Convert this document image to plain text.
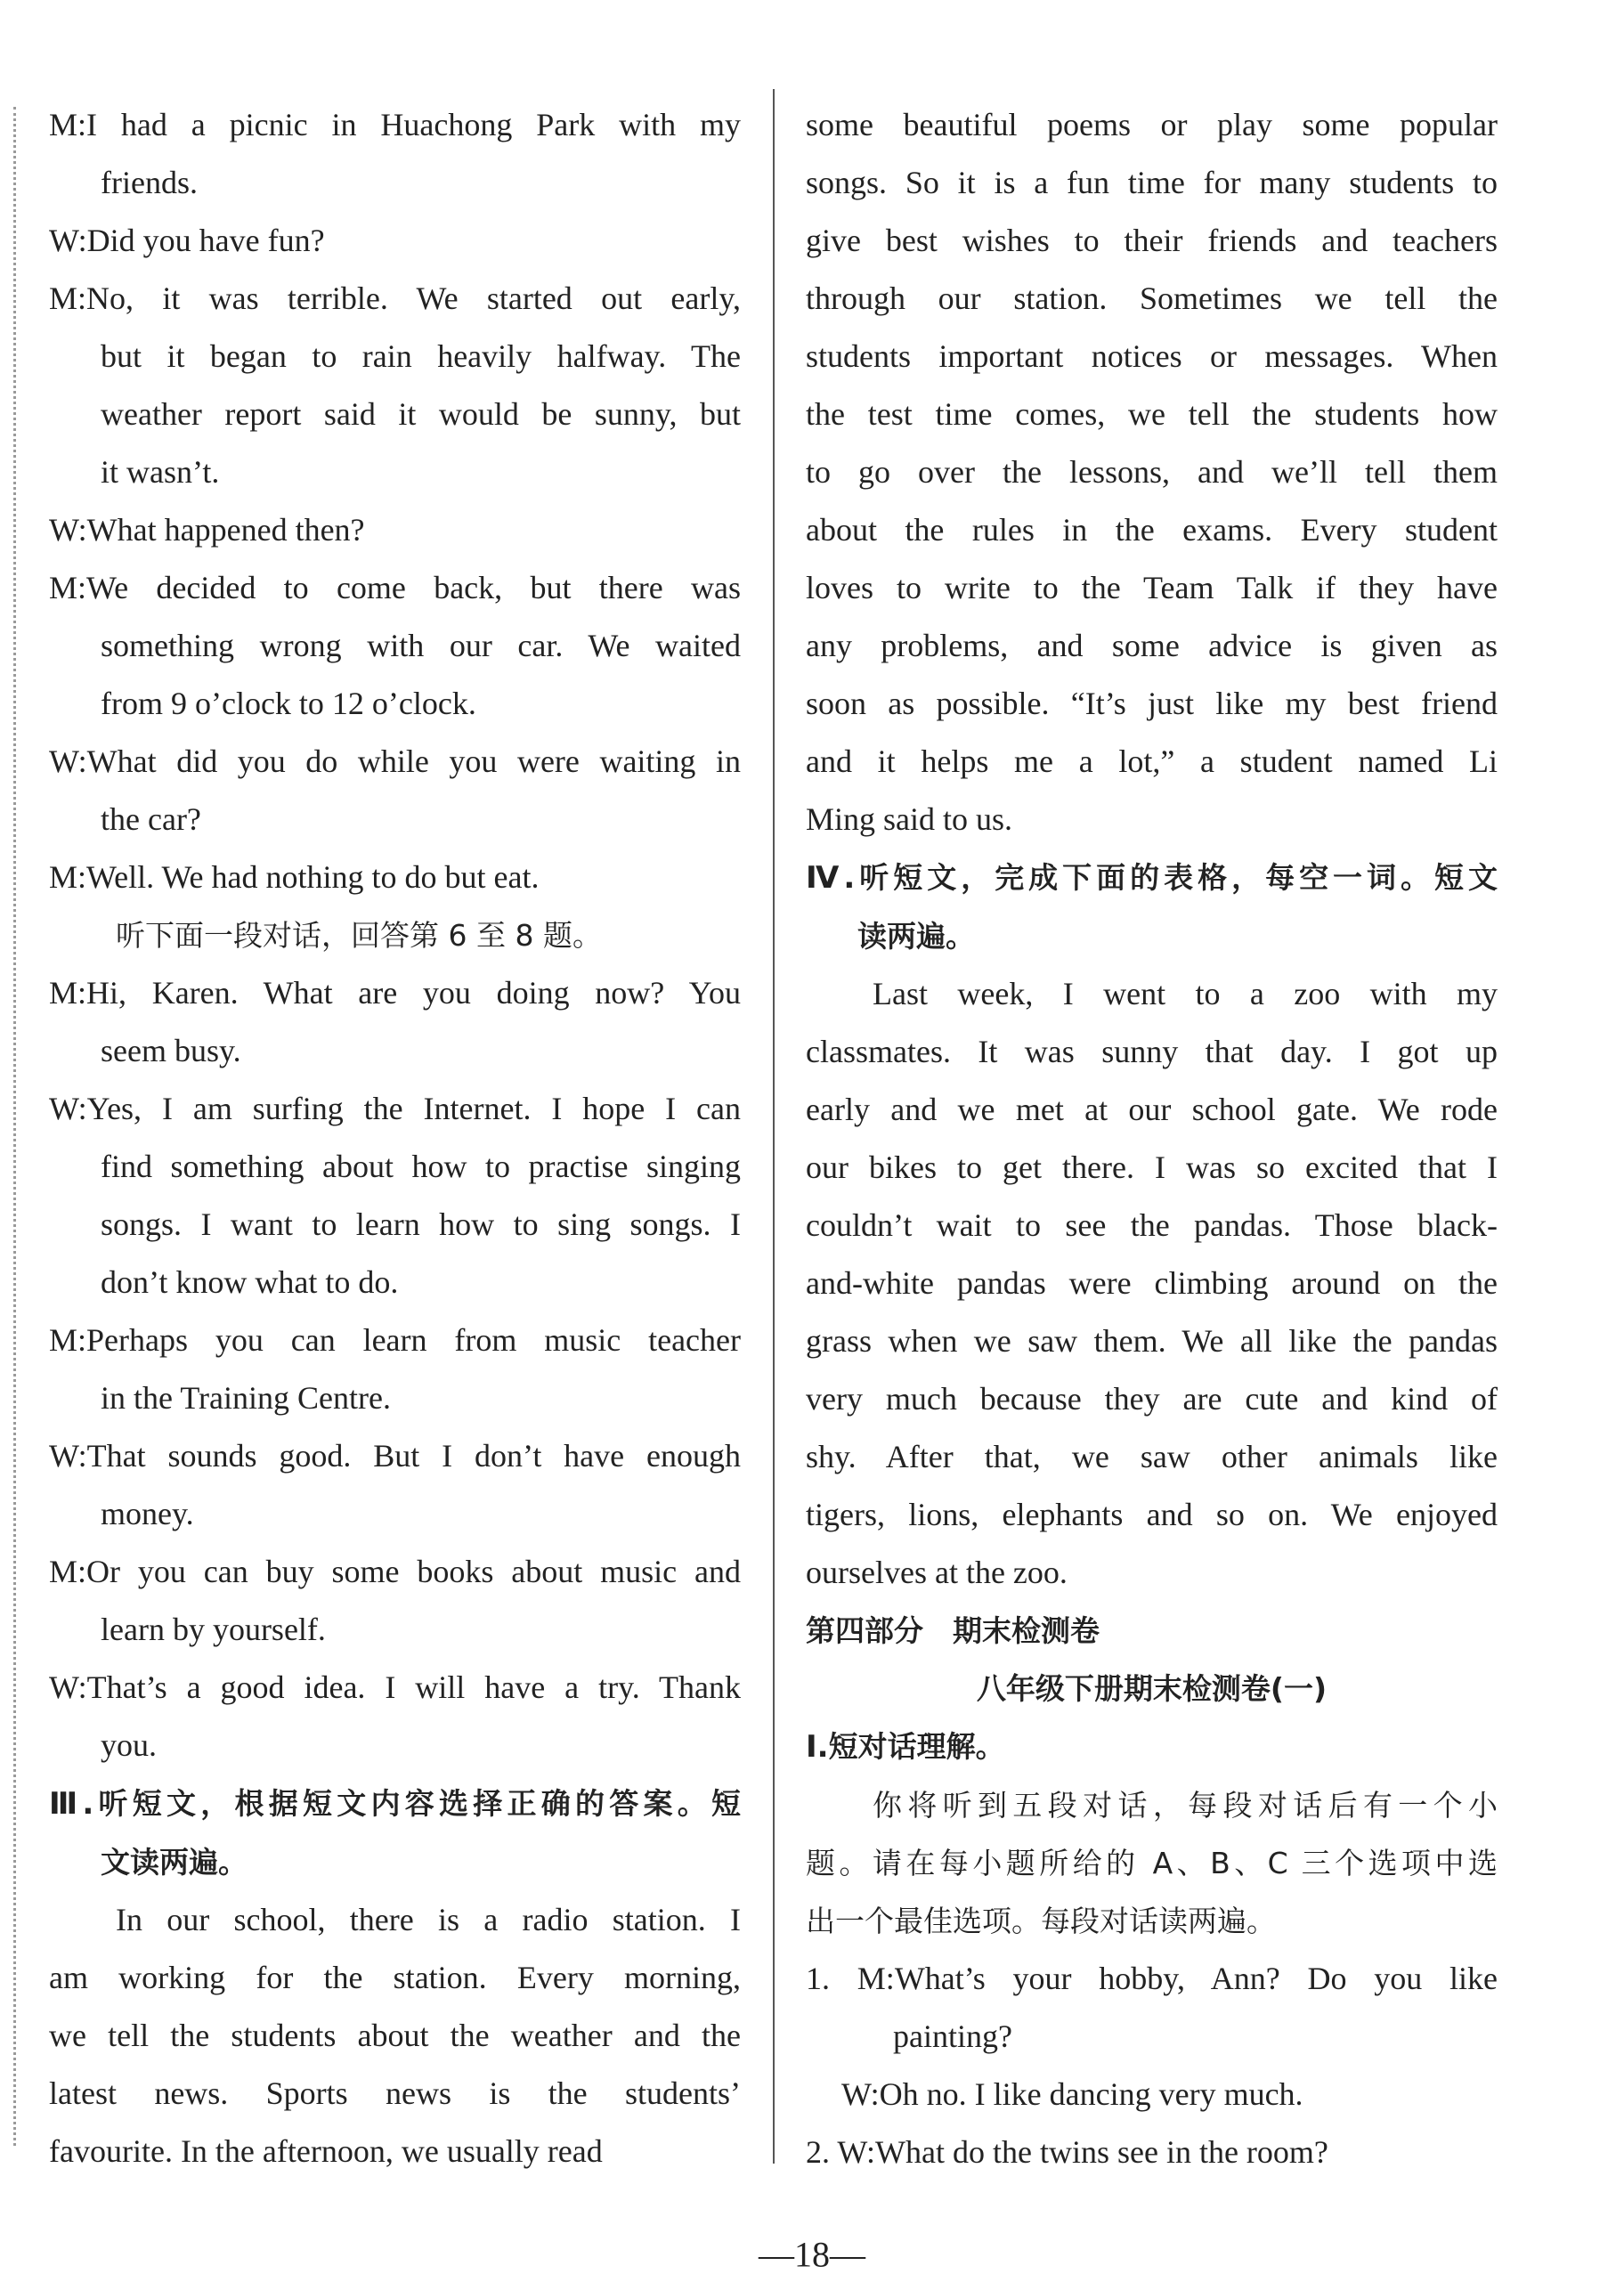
M:I had a picnic in Huachong Park with my
friends.
W:Did you have fun?
M:No, it was terrible. We started out early,
but it began to rain heavily halfway. The
weather report said it would be sunny, but
it wasn’t.
W:What happened then?
M:We decided to come back, but there was
something wrong with our car. We waited
from 9 o’clock to 12 o’clock.
W:What did you do while you were waiting in
the car?
M:Well. We had nothing to do but eat.
听下面一段对话，回答第 6 至 8 题。
M:Hi, Karen. What are you doing now? You
seem busy.
W:Yes, I am surfing the Internet. I hope I can
find something about how to practise singing
songs. I want to learn how to sing songs. I
don’t know what to do.
M:Perhaps you can learn from music teacher
in the Training Centre.
W:That sounds good. But I don’t have enough
money.
M:Or you can buy some books about music and
learn by yourself.
W:That’s a good idea. I will have a try. Thank
you.
Ⅲ.听短文，根据短文内容选择正确的答案。短
文读两遍。
In our school, there is a radio station. I
am working for the station. Every morning,
we tell the students about the weather and the
latest news. Sports news is the students’
favourite. In the afternoon, we usually read
some beautiful poems or play some popular
songs. So it is a fun time for many students to
give best wishes to their friends and teachers
through our station. Sometimes we tell the
students important notices or messages. When
the test time comes, we tell the students how
to go over the lessons, and we’ll tell them
about the rules in the exams. Every student
loves to write to the Team Talk if they have
any problems, and some advice is given as
soon as possible. “It’s just like my best friend
and it helps me a lot,” a student named Li
Ming said to us.
Ⅳ.听短文，完成下面的表格，每空一词。短文
读两遍。
Last week, I went to a zoo with my
classmates. It was sunny that day. I got up
early and we met at our school gate. We rode
our bikes to get there. I was so excited that I
couldn’t wait to see the pandas. Those black-
and-white pandas were climbing around on the
grass when we saw them. We all like the pandas
very much because they are cute and kind of
shy. After that, we saw other animals like
tigers, lions, elephants and so on. We enjoyed
ourselves at the zoo.
第四部分　期末检测卷
八年级下册期末检测卷(一)
Ⅰ.短对话理解。
你将听到五段对话，每段对话后有一个小
题。请在每小题所给的 A、B、C 三个选项中选
出一个最佳选项。每段对话读两遍。
1. M:What’s your hobby, Ann? Do you like
painting?
W:Oh no. I like dancing very much.
2. W:What do the twins see in the room?
—18—
